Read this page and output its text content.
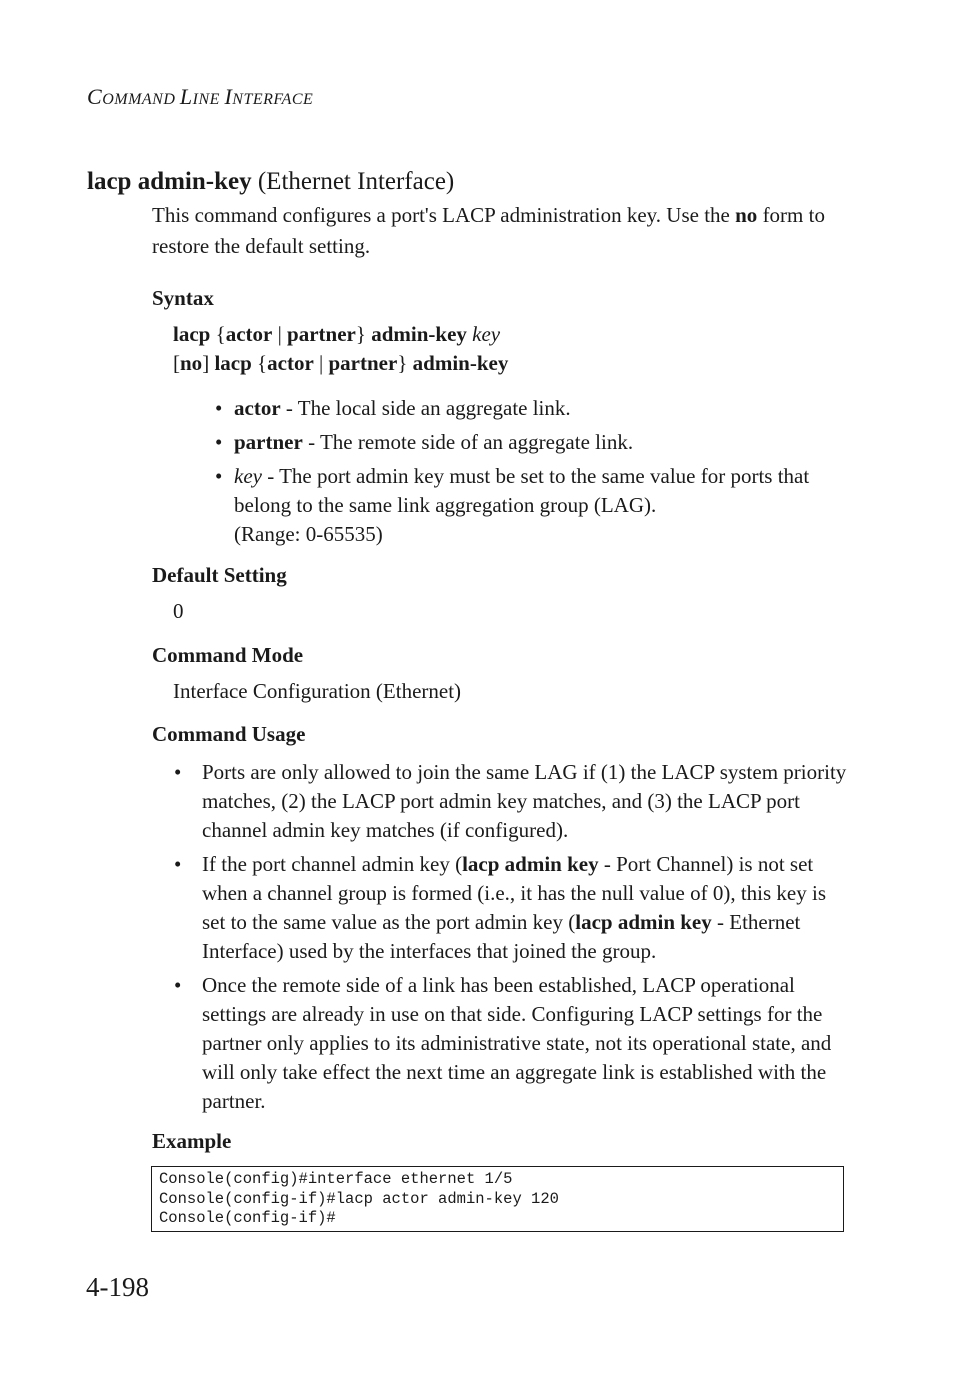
COMMAND LINE INTERFACE
lacp admin-key (Ethernet Interface)
This command configures a port's LACP administration key. Use the no form to restore the default setting.
Syntax
lacp {actor | partner} admin-key key
[no] lacp {actor | partner} admin-key
• actor - The local side an aggregate link.
• partner - The remote side of an aggregate link.
• key - The port admin key must be set to the same value for ports that belong to the same link aggregation group (LAG).
(Range: 0-65535)
Default Setting
0
Command Mode
Interface Configuration (Ethernet)
Command Usage
• Ports are only allowed to join the same LAG if (1) the LACP system priority matches, (2) the LACP port admin key matches, and (3) the LACP port channel admin key matches (if configured).
• If the port channel admin key (lacp admin key - Port Channel) is not set when a channel group is formed (i.e., it has the null value of 0), this key is set to the same value as the port admin key (lacp admin key - Ethernet Interface) used by the interfaces that joined the group.
• Once the remote side of a link has been established, LACP operational settings are already in use on that side. Configuring LACP settings for the partner only applies to its administrative state, not its operational state, and will only take effect the next time an aggregate link is established with the partner.
Example
Console(config)#interface ethernet 1/5
Console(config-if)#lacp actor admin-key 120
Console(config-if)#
4-198
